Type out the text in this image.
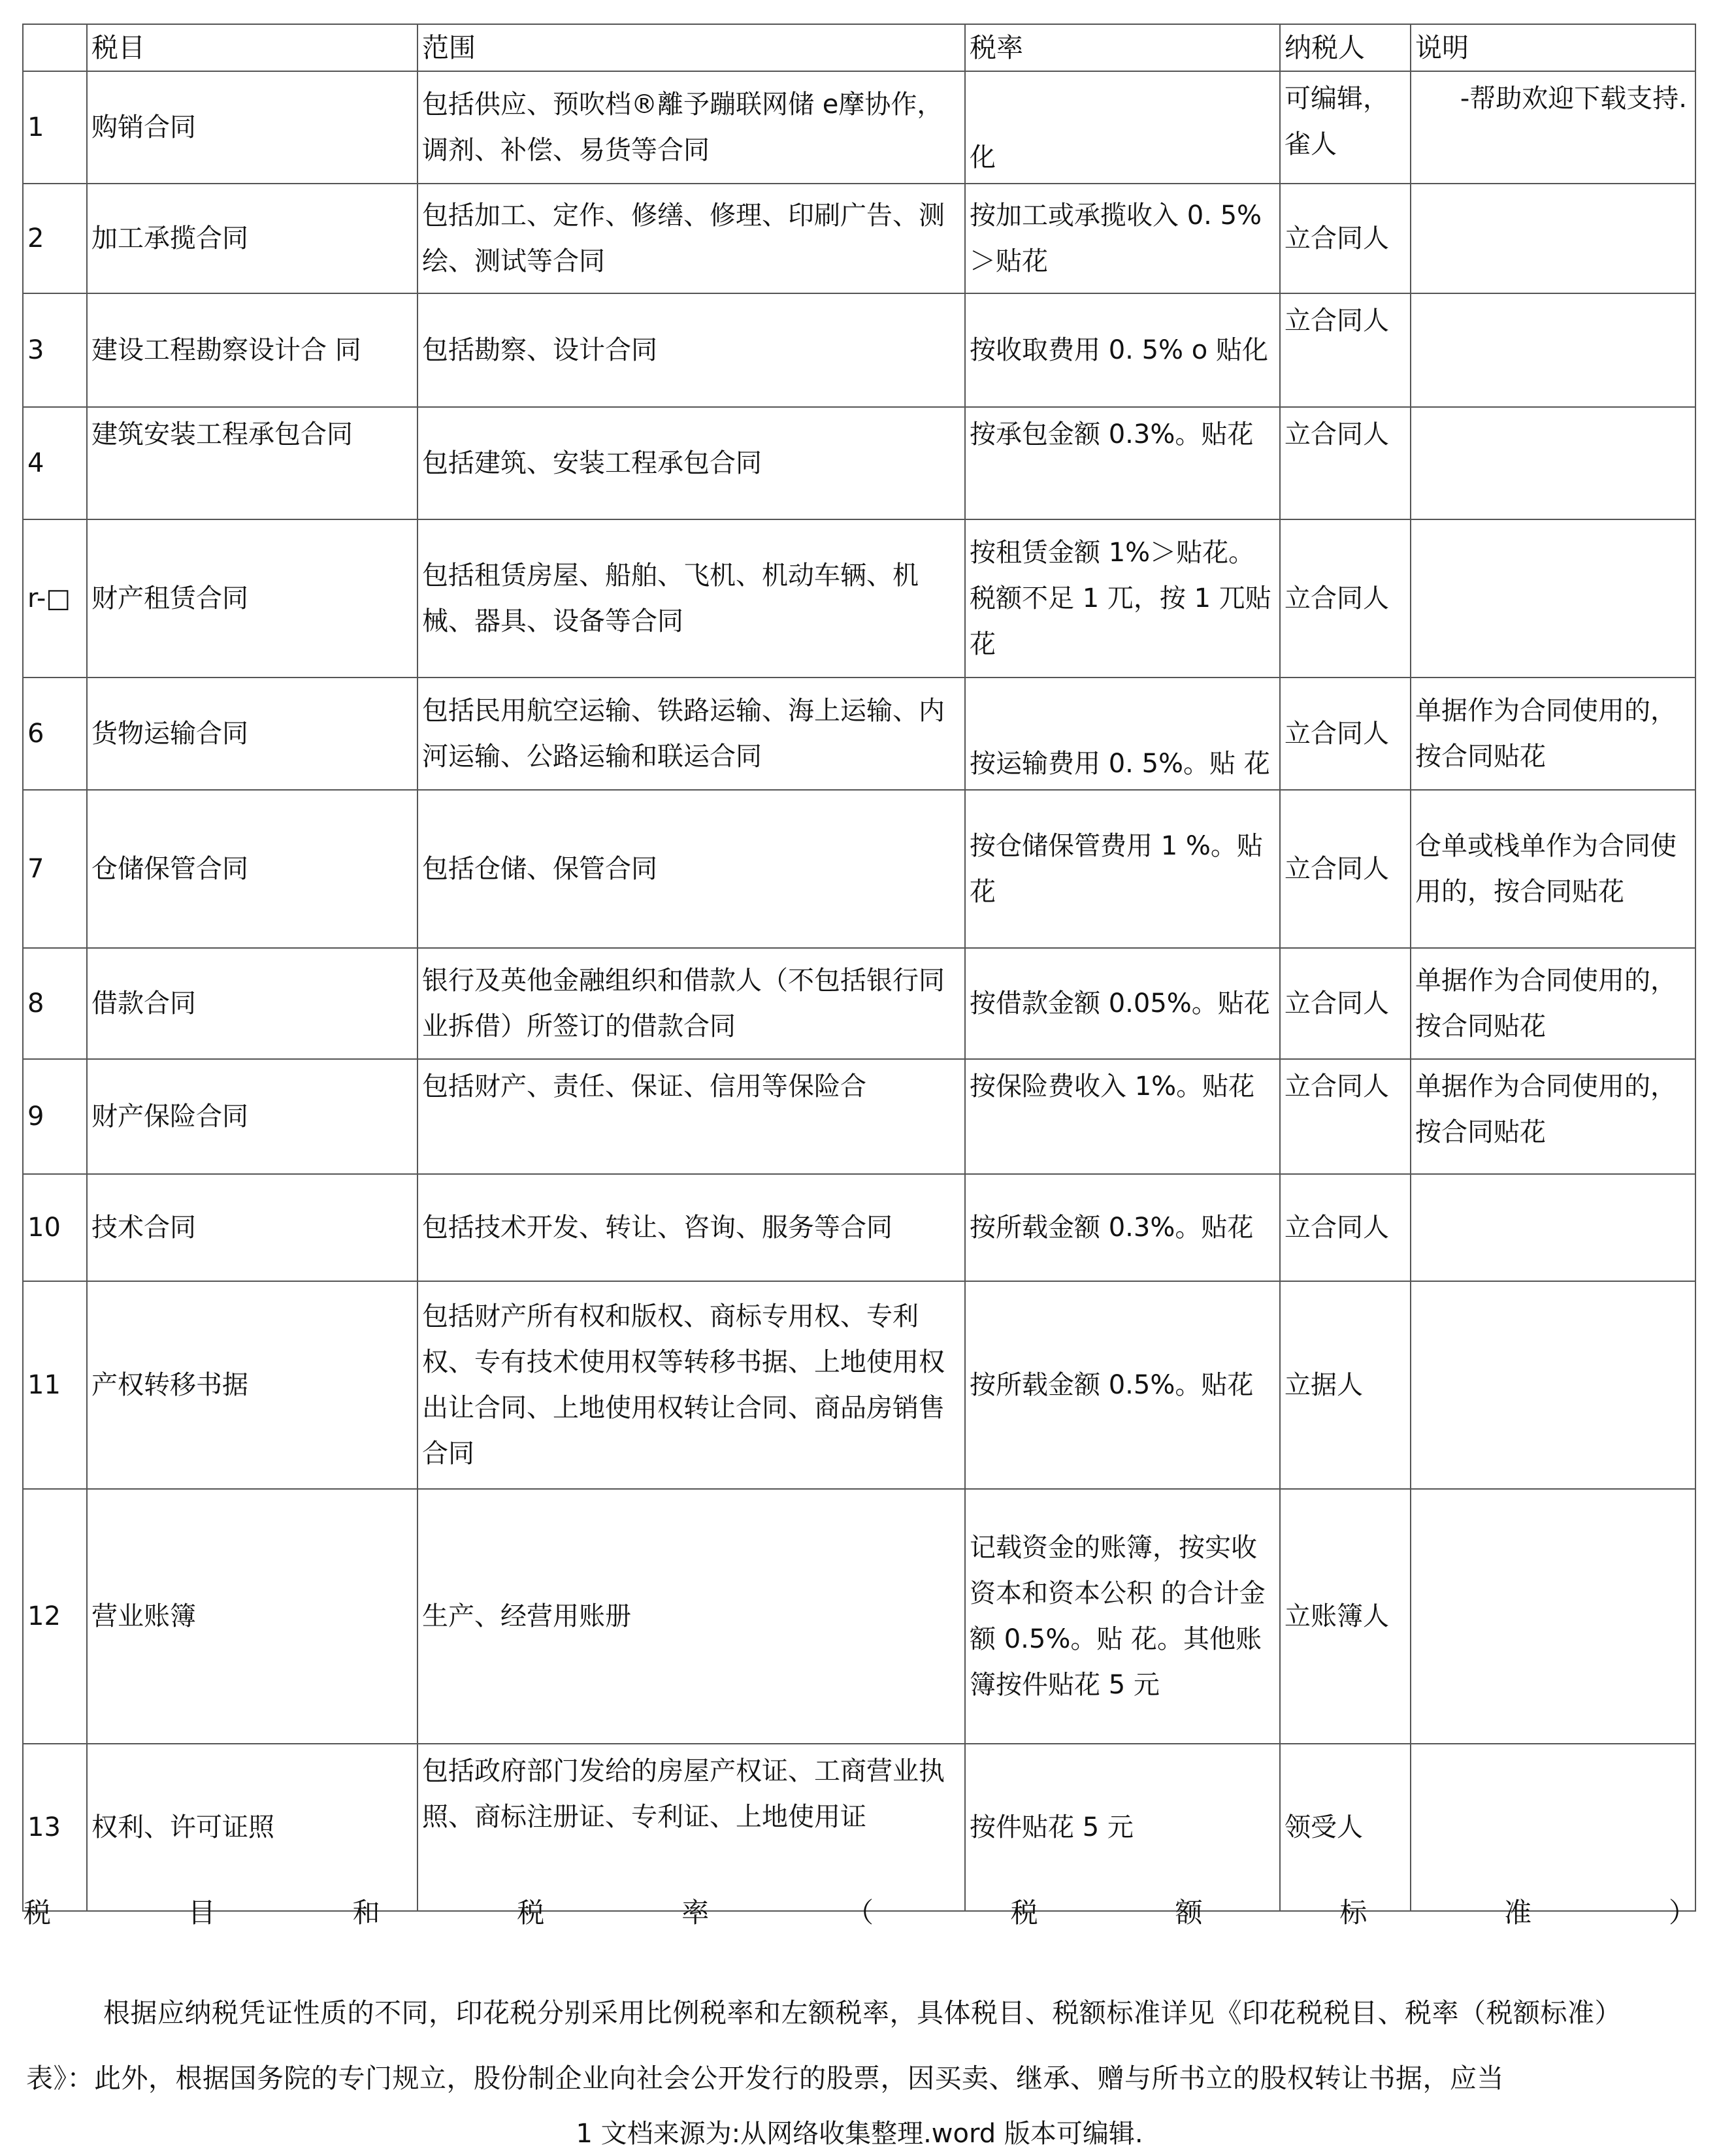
	税目	范围	税率	纳税人	说明
1	购销合同	包括供应、预吹档®離予蹦联网储 e摩协作， 调剂、补偿、易货等合同	化	可编辑，雀人	-帮助欢迎下载支持.
2	加工承揽合同	包括加工、定作、修缮、修理、印刷广告、测绘、测试等合同	按加工或承揽收入 0. 5%＞贴花	立合同人	
3	建设工程勘察设计合 同	包括勘察、设计合同	按收取费用 0. 5% o 贴化	立合同人	
4	建筑安装工程承包合同	包括建筑、安装工程承包合同	按承包金额 0.3%。贴花	立合同人	
r-□	财产租赁合同	包括租赁房屋、船舶、飞机、机动车辆、机械、器具、设备等合同	按租赁金额 1%＞贴花。税额不足 1 兀，按 1 兀贴花	立合同人	
6	货物运输合同	包括民用航空运输、铁路运输、海上运输、内河运输、公路运输和联运合同	按运输费用 0. 5%。贴 花	立合同人	单据作为合同使用的，按合同贴花
7	仓储保管合同	包括仓储、保管合同	按仓储保管费用 1 %。贴花	立合同人	仓单或栈单作为合同使用的，按合同贴花
8	借款合同	银行及英他金融组织和借款人（不包括银行同业拆借）所签订的借款合同	按借款金额 0.05%。贴花	立合同人	单据作为合同使用的，按合同贴花
9	财产保险合同	包括财产、责任、保证、信用等保险合	按保险费收入 1%。贴花	立合同人	单据作为合同使用的，按合同贴花
10	技术合同	包括技术开发、转让、咨询、服务等合同	按所载金额 0.3%。贴花	立合同人	
11	产权转移书据	包括财产所有权和版权、商标专用权、专利权、专有技术使用权等转移书据、上地使用权出让合同、上地使用权转让合同、商品房销售合同	按所载金额 0.5%。贴花	立据人	
12	营业账簿	生产、经营用账册	记载资金的账簿，按实收资本和资本公积 的合计金额 0.5%。贴 花。其他账簿按件贴花 5 元	立账簿人	
13	权利、许可证照	包括政府部门发给的房屋产权证、工商营业执照、商标注册证、专利证、上地使用证	按件贴花 5 元	领受人	
税	目	和	税	率	（	税	额	标	准	）

根据应纳税凭证性质的不同，印花税分别采用比例税率和左额税率，具体税目、税额标准详见《印花税税目、税率（税额标准）表》：此外，根据国务院的专门规立，股份制企业向社会公开发行的股票，因买卖、继承、赠与所书立的股权转让书据，应当

1 文档来源为:从网络收集整理.word 版本可编辑.
